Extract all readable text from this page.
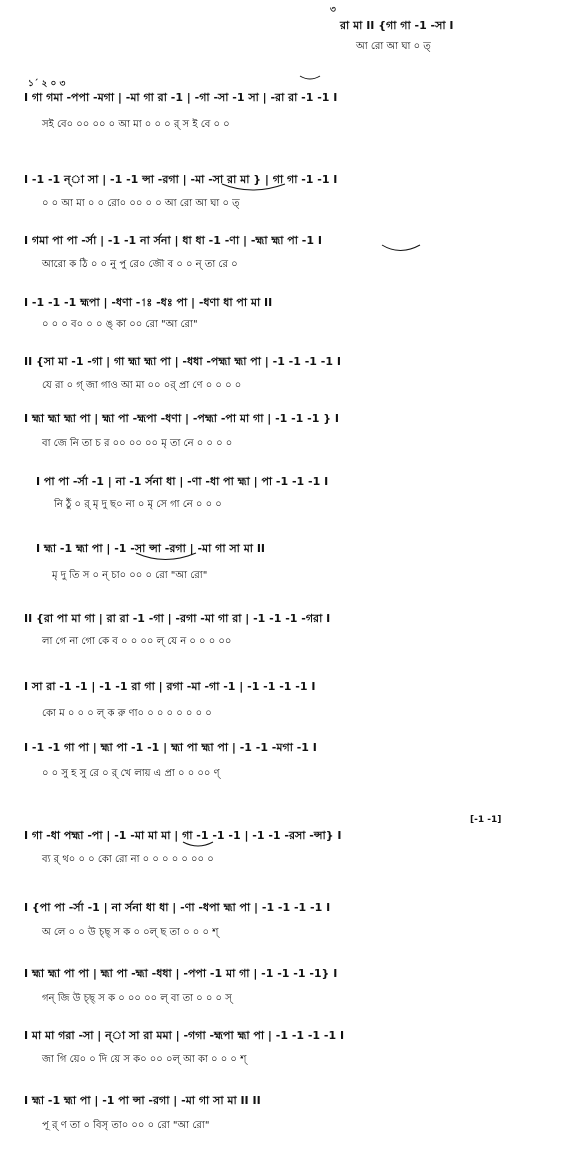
৩
রা মা II {গা গা -1 -সা I
আ রো আ ঘা ০ ত্
১´ ২ ০ ৩
I গা গমা -পপা -মগা | -মা গা রা -1 | -গা -সা -1 সা | -রা রা -1 -1 I
সই বে০ ০০ ০০ ০ আ মা ০ ০ ০ র্ স ই বে ০ ০
I -1 -1 ন্া সা | -1 -1 ন্সা -রগা | -মা -সা রা মা } | গা গা -1 -1 I
০ ০ আ মা ০ ০ রো০ ০০ ০ ০ আ রো আ ঘা ০ ত্
I গমা পা পা -র্সা | -1 -1 না র্সনা | ধা ধা -1 -ণা | -হ্মা হ্মা পা -1 I
আরো ক ঠি ০ ০ নু পু রে০ জৌ ব ০ ০ ন্ তা রে ০
I -1 -1 -1 হ্মপা | -ধণা -1ঃ -ধঃ পা | -ধণা ধা পা মা II
০ ০ ০ ব০ ০ ০ ঙ্ কা ০০ রো "আ রো"
II {সা মা -1 -গা | গা হ্মা হ্মা পা | -ধধা -পহ্মা হ্মা পা | -1 -1 -1 -1 I
যে রা ০ গ্ জা গাও আ মা ০০ ০র্ প্রা ণে ০ ০ ০ ০
I হ্মা হ্মা হ্মা পা | হ্মা পা -হ্মপা -ধণা | -পহ্মা -পা মা গা | -1 -1 -1 } I
বা জে নি তা চ র ০০ ০০ ০০ মৃ তা নে ০ ০ ০ ০
I পা পা -র্সা -1 | না -1 র্সনা ধা | -ণা -ধা পা হ্মা | পা -1 -1 -1 I
নি ঠুঁ ০ র্ মৃ দু ছ০ না ০ মৃ সে গা নে ০ ০ ০
I হ্মা -1 হ্মা পা | -1 -সা ন্সা -রগা | -মা গা সা মা II
মৃ দু তি স ০ ন্ চা০ ০০ ০ রো "আ রো"
II {রা পা মা গা | রা রা -1 -গা | -রগা -মা গা রা | -1 -1 -1 -গরা I
লা গে না গো কে ব ০ ০ ০০ ল্ যে ন ০ ০ ০ ০০
I সা রা -1 -1 | -1 -1 রা গা | রগা -মা -গা -1 | -1 -1 -1 -1 I
কো ম ০ ০ ০ ল্ ক রু ণা০ ০ ০ ০ ০ ০ ০ ০
I -1 -1 গা পা | হ্মা পা -1 -1 | হ্মা পা হ্মা পা | -1 -1 -মগা -1 I
০ ০ সু হ সু রে ০ র্ খে লায় এ প্রা ০ ০ ০০ ণ্
[-1 -1]
I গা -ধা পহ্মা -পা | -1 -মা মা মা | গা -1 -1 -1 | -1 -1 -রসা -ন্সা} I
ব্য র্ থ০ ০ ০ কো রো না ০ ০ ০ ০ ০ ০০ ০
I {পা পা -র্সা -1 | না র্সনা ধা ধা | -ণা -ধপা হ্মা পা | -1 -1 -1 -1 I
অ লে ০ ০ উ চ্ছ্ স ক ০ ০ল্ ছ তা ০ ০ ০ শ্
I হ্মা হ্মা পা পা | হ্মা পা -হ্মা -ধধা | -পপা -1 মা গা | -1 -1 -1 -1} I
গন্ জি উ চ্ছ্ স ক ০ ০০ ০০ ল্ বা তা ০ ০ ০ স্
I মা মা গরা -সা | ন্া সা রা মমা | -গগা -হ্মপা হ্মা পা | -1 -1 -1 -1 I
জা গি য়ে০ ০ দি য়ে স ক০ ০০ ০ল্ আ কা ০ ০ ০ শ্
I হ্মা -1 হ্মা পা | -1 পা ন্সা -রগা | -মা গা সা মা II II
পূ র্ ণ তা ০ বিসৃ তা০ ০০ ০ রো "আ রো"
